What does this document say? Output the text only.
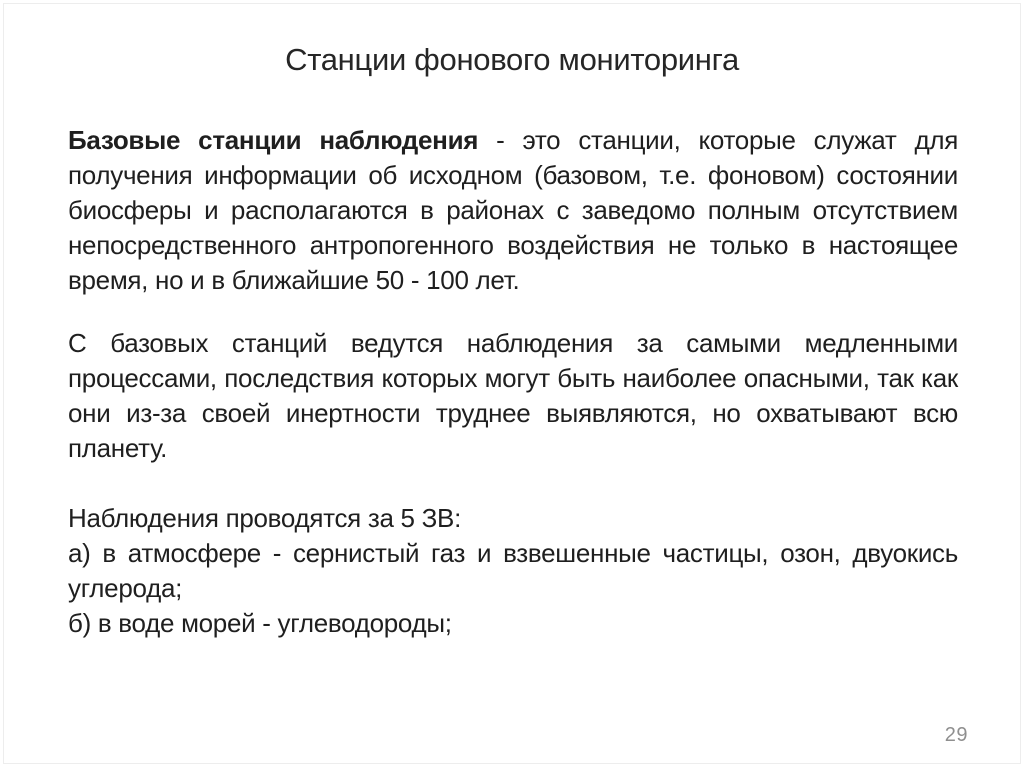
Станции фонового мониторинга
Базовые станции наблюдения - это станции, которые служат для получения информации об исходном (базовом, т.е. фоновом) состоянии биосферы и располагаются в районах с заведомо полным отсутствием непосредственного антропогенного воздействия не только в настоящее время, но и в ближайшие 50 - 100 лет.
С базовых станций ведутся наблюдения за самыми медленными процессами, последствия которых могут быть наиболее опасными, так как они из-за своей инертности труднее выявляются, но охватывают всю планету.

Наблюдения проводятся за 5 ЗВ:

а) в атмосфере - сернистый газ и взвешенные частицы, озон, двуокись углерода;

б) в воде морей - углеводороды;

29
